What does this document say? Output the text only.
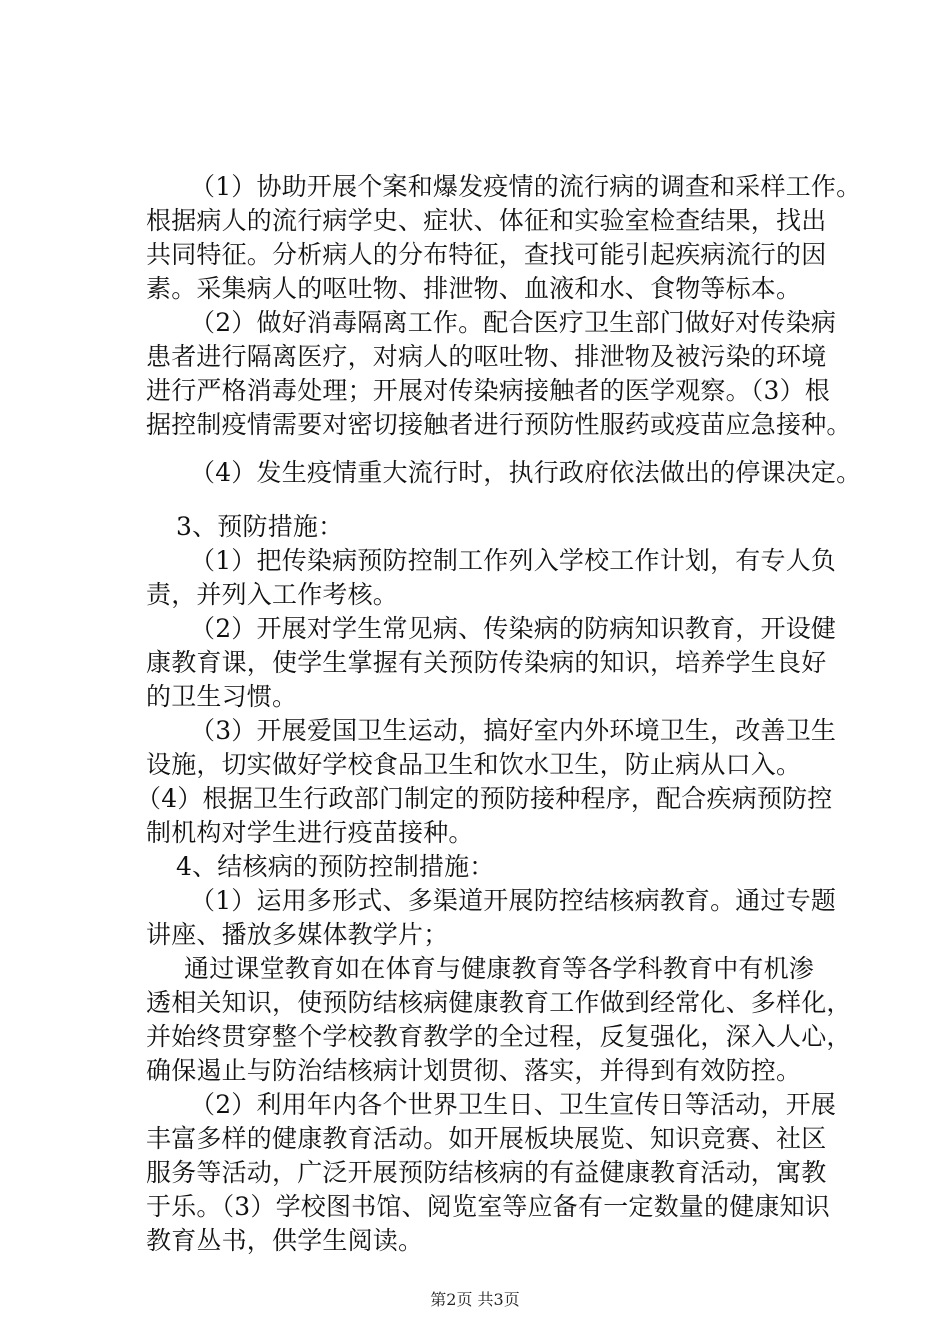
（1）协助开展个案和爆发疫情的流行病的调查和采样工作。
根据病人的流行病学史、症状、体征和实验室检查结果，找出
共同特征。分析病人的分布特征，查找可能引起疾病流行的因
素。采集病人的呕吐物、排泄物、血液和水、食物等标本。
（2）做好消毒隔离工作。配合医疗卫生部门做好对传染病
患者进行隔离医疗，对病人的呕吐物、排泄物及被污染的环境
进行严格消毒处理；开展对传染病接触者的医学观察。（3）根
据控制疫情需要对密切接触者进行预防性服药或疫苗应急接种。
（4）发生疫情重大流行时，执行政府依法做出的停课决定。
3、预防措施：
（1）把传染病预防控制工作列入学校工作计划，有专人负
责，并列入工作考核。
（2）开展对学生常见病、传染病的防病知识教育，开设健
康教育课，使学生掌握有关预防传染病的知识，培养学生良好
的卫生习惯。
（3）开展爱国卫生运动，搞好室内外环境卫生，改善卫生
设施，切实做好学校食品卫生和饮水卫生，防止病从口入。
（4）根据卫生行政部门制定的预防接种程序，配合疾病预防控
制机构对学生进行疫苗接种。
4、结核病的预防控制措施：
（1）运用多形式、多渠道开展防控结核病教育。通过专题
讲座、播放多媒体教学片；
通过课堂教育如在体育与健康教育等各学科教育中有机渗
透相关知识，使预防结核病健康教育工作做到经常化、多样化，
并始终贯穿整个学校教育教学的全过程，反复强化，深入人心，
确保遏止与防治结核病计划贯彻、落实，并得到有效防控。
（2）利用年内各个世界卫生日、卫生宣传日等活动，开展
丰富多样的健康教育活动。如开展板块展览、知识竞赛、社区
服务等活动，广泛开展预防结核病的有益健康教育活动，寓教
于乐。（3）学校图书馆、阅览室等应备有一定数量的健康知识
教育丛书，供学生阅读。
第2页 共3页
